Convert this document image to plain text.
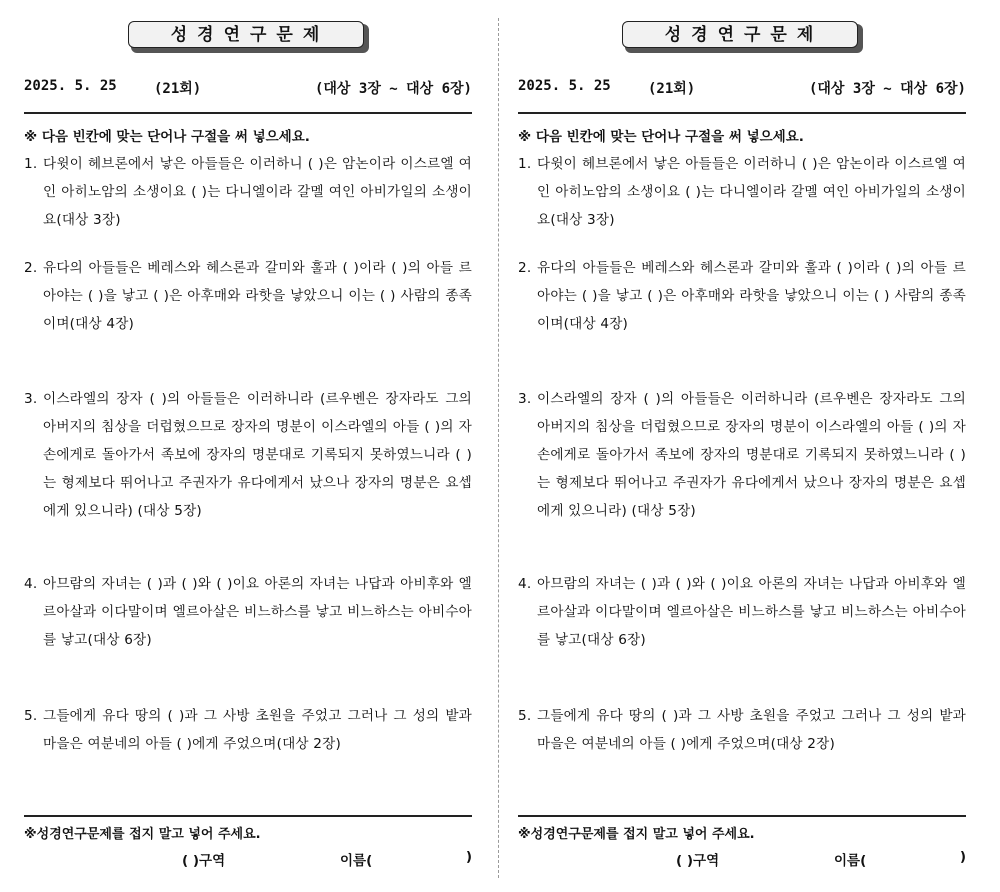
성경연구문제
2025. 5. 25	(21회)	(대상 3장 ~ 대상 6장)
※ 다음 빈칸에 맞는 단어나 구절을 써 넣으세요.
1. 다윗이 헤브론에서 낳은 아들들은 이러하니 ( )은 암논이라 이스르엘 여인 아히노암의 소생이요 ( )는 다니엘이라 갈멜 여인 아비가일의 소생이요(대상 3장)
2. 유다의 아들들은 베레스와 헤스론과 갈미와 훌과 ( )이라 ( )의 아들 르아야는 ( )을 낳고 ( )은 아후매와 라핫을 낳았으니 이는 ( ) 사람의 종족이며(대상 4장)
3. 이스라엘의 장자 ( )의 아들들은 이러하니라 (르우벤은 장자라도 그의 아버지의 침상을 더럽혔으므로 장자의 명분이 이스라엘의 아들 ( )의 자손에게로 돌아가서 족보에 장자의 명분대로 기록되지 못하였느니라 ( )는 형제보다 뛰어나고 주권자가 유다에게서 났으나 장자의 명분은 요셉에게 있으니라) (대상 5장)
4. 아므람의 자녀는 ( )과 ( )와 ( )이요 아론의 자녀는 나답과 아비후와 엘르아살과 이다말이며 엘르아살은 비느하스를 낳고 비느하스는 아비수아를 낳고(대상 6장)
5. 그들에게 유다 땅의 ( )과 그 사방 초원을 주었고 그러나 그 성의 밭과 마을은 여분네의 아들 ( )에게 주었으며(대상 2장)
※성경연구문제를 접지 말고 넣어 주세요.
( )구역	이름(	)
성경연구문제
2025. 5. 25	(21회)	(대상 3장 ~ 대상 6장)
※ 다음 빈칸에 맞는 단어나 구절을 써 넣으세요.
1. 다윗이 헤브론에서 낳은 아들들은 이러하니 ( )은 암논이라 이스르엘 여인 아히노암의 소생이요 ( )는 다니엘이라 갈멜 여인 아비가일의 소생이요(대상 3장)
2. 유다의 아들들은 베레스와 헤스론과 갈미와 훌과 ( )이라 ( )의 아들 르아야는 ( )을 낳고 ( )은 아후매와 라핫을 낳았으니 이는 ( ) 사람의 종족이며(대상 4장)
3. 이스라엘의 장자 ( )의 아들들은 이러하니라 (르우벤은 장자라도 그의 아버지의 침상을 더럽혔으므로 장자의 명분이 이스라엘의 아들 ( )의 자손에게로 돌아가서 족보에 장자의 명분대로 기록되지 못하였느니라 ( )는 형제보다 뛰어나고 주권자가 유다에게서 났으나 장자의 명분은 요셉에게 있으니라) (대상 5장)
4. 아므람의 자녀는 ( )과 ( )와 ( )이요 아론의 자녀는 나답과 아비후와 엘르아살과 이다말이며 엘르아살은 비느하스를 낳고 비느하스는 아비수아를 낳고(대상 6장)
5. 그들에게 유다 땅의 ( )과 그 사방 초원을 주었고 그러나 그 성의 밭과 마을은 여분네의 아들 ( )에게 주었으며(대상 2장)
※성경연구문제를 접지 말고 넣어 주세요.
( )구역	이름(	)
